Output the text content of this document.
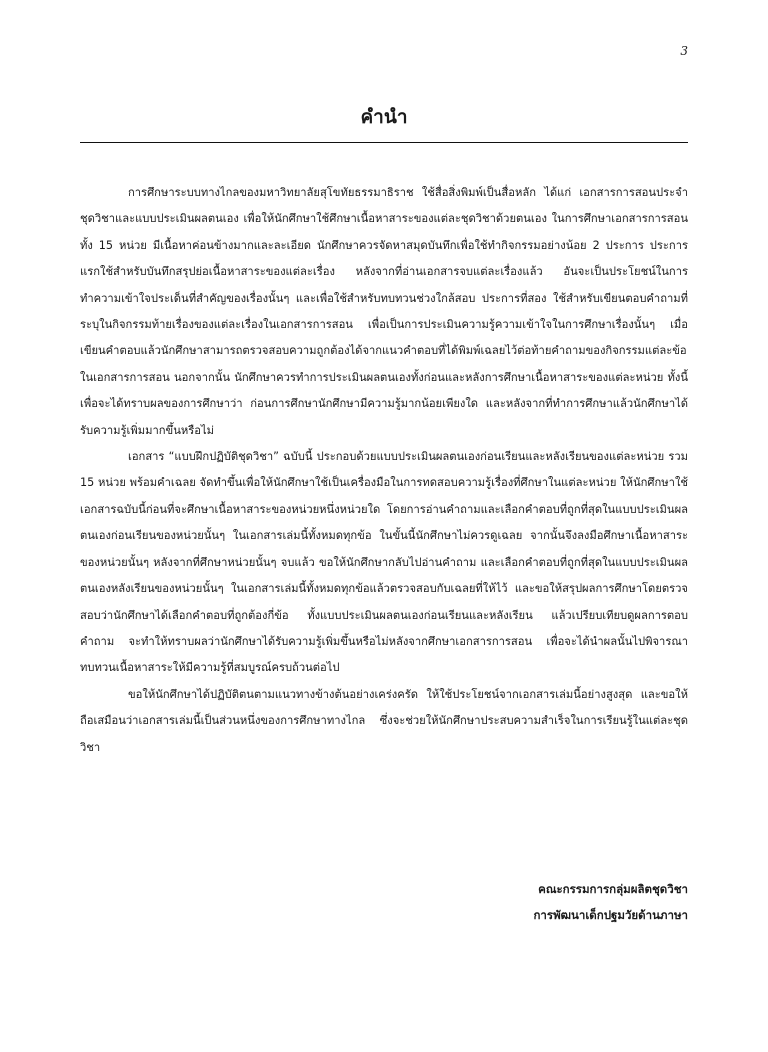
3
คำนำ

การศึกษาระบบทางไกลของมหาวิทยาลัยสุโขทัยธรรมาธิราช ใช้สื่อสิ่งพิมพ์เป็นสื่อหลัก ได้แก่ เอกสารการสอนประจำชุดวิชาและแบบประเมินผลตนเอง เพื่อให้นักศึกษาใช้ศึกษาเนื้อหาสาระของแต่ละชุดวิชาด้วยตนเอง ในการศึกษาเอกสารการสอนทั้ง 15 หน่วย มีเนื้อหาค่อนข้างมากและละเอียด นักศึกษาควรจัดหาสมุดบันทึกเพื่อใช้ทำกิจกรรมอย่างน้อย 2 ประการ ประการแรกใช้สำหรับบันทึกสรุปย่อเนื้อหาสาระของแต่ละเรื่อง หลังจากที่อ่านเอกสารจบแต่ละเรื่องแล้ว อันจะเป็นประโยชน์ในการทำความเข้าใจประเด็นที่สำคัญของเรื่องนั้นๆ และเพื่อใช้สำหรับทบทวนช่วงใกล้สอบ ประการที่สอง ใช้สำหรับเขียนตอบคำถามที่ระบุในกิจกรรมท้ายเรื่องของแต่ละเรื่องในเอกสารการสอน เพื่อเป็นการประเมินความรู้ความเข้าใจในการศึกษาเรื่องนั้นๆ เมื่อเขียนคำตอบแล้วนักศึกษาสามารถตรวจสอบความถูกต้องได้จากแนวคำตอบที่ได้พิมพ์เฉลยไว้ต่อท้ายคำถามของกิจกรรมแต่ละข้อในเอกสารการสอน นอกจากนั้น นักศึกษาควรทำการประเมินผลตนเองทั้งก่อนและหลังการศึกษาเนื้อหาสาระของแต่ละหน่วย ทั้งนี้ เพื่อจะได้ทราบผลของการศึกษาว่า ก่อนการศึกษานักศึกษามีความรู้มากน้อยเพียงใด และหลังจากที่ทำการศึกษาแล้วนักศึกษาได้รับความรู้เพิ่มมากขึ้นหรือไม่

เอกสาร “แบบฝึกปฏิบัติชุดวิชา” ฉบับนี้ ประกอบด้วยแบบประเมินผลตนเองก่อนเรียนและหลังเรียนของแต่ละหน่วย รวม 15 หน่วย พร้อมคำเฉลย จัดทำขึ้นเพื่อให้นักศึกษาใช้เป็นเครื่องมือในการทดสอบความรู้เรื่องที่ศึกษาในแต่ละหน่วย ให้นักศึกษาใช้เอกสารฉบับนี้ก่อนที่จะศึกษาเนื้อหาสาระของหน่วยหนึ่งหน่วยใด โดยการอ่านคำถามและเลือกคำตอบที่ถูกที่สุดในแบบประเมินผลตนเองก่อนเรียนของหน่วยนั้นๆ ในเอกสารเล่มนี้ทั้งหมดทุกข้อ ในขั้นนี้นักศึกษาไม่ควรดูเฉลย จากนั้นจึงลงมือศึกษาเนื้อหาสาระของหน่วยนั้นๆ หลังจากที่ศึกษาหน่วยนั้นๆ จบแล้ว ขอให้นักศึกษากลับไปอ่านคำถาม และเลือกคำตอบที่ถูกที่สุดในแบบประเมินผลตนเองหลังเรียนของหน่วยนั้นๆ ในเอกสารเล่มนี้ทั้งหมดทุกข้อแล้วตรวจสอบกับเฉลยที่ให้ไว้ และขอให้สรุปผลการศึกษาโดยตรวจสอบว่านักศึกษาได้เลือกคำตอบที่ถูกต้องกี่ข้อ ทั้งแบบประเมินผลตนเองก่อนเรียนและหลังเรียน แล้วเปรียบเทียบดูผลการตอบคำถาม จะทำให้ทราบผลว่านักศึกษาได้รับความรู้เพิ่มขึ้นหรือไม่หลังจากศึกษาเอกสารการสอน เพื่อจะได้นำผลนั้นไปพิจารณาทบทวนเนื้อหาสาระให้มีความรู้ที่สมบูรณ์ครบถ้วนต่อไป

ขอให้นักศึกษาได้ปฏิบัติตนตามแนวทางข้างต้นอย่างเคร่งครัด ให้ใช้ประโยชน์จากเอกสารเล่มนี้อย่างสูงสุด และขอให้ถือเสมือนว่าเอกสารเล่มนี้เป็นส่วนหนึ่งของการศึกษาทางไกล ซึ่งจะช่วยให้นักศึกษาประสบความสำเร็จในการเรียนรู้ในแต่ละชุดวิชา

คณะกรรมการกลุ่มผลิตชุดวิชา
การพัฒนาเด็กปฐมวัยด้านภาษา
